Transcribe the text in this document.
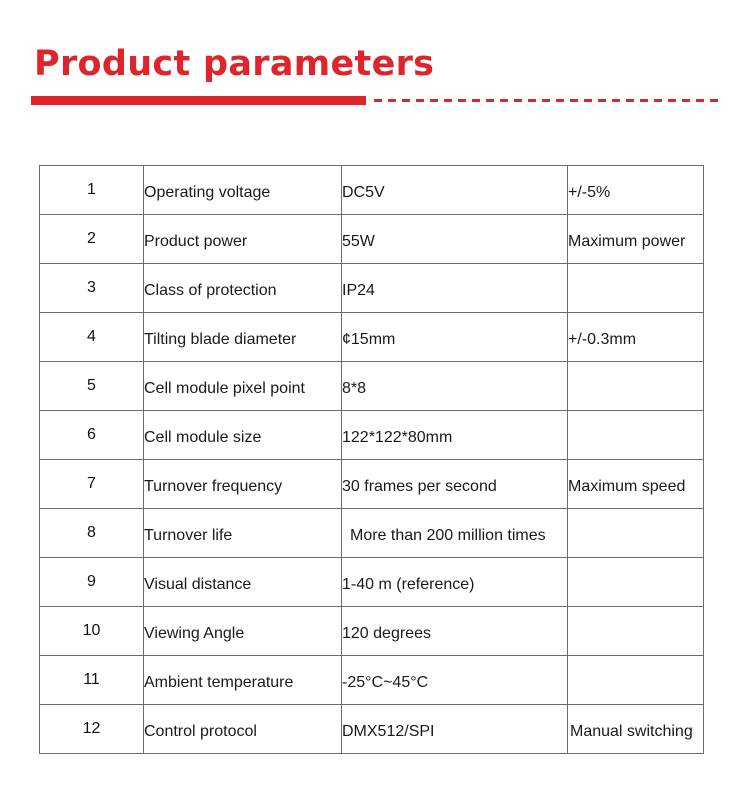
Product parameters
1	Operating voltage	DC5V	+/-5%
2	Product power	55W	Maximum power
3	Class of protection	IP24	
4	Tilting blade diameter	¢15mm	+/-0.3mm
5	Cell module pixel point	8*8	
6	Cell module size	122*122*80mm	
7	Turnover frequency	30 frames per second	Maximum speed
8	Turnover life	More than 200 million times	
9	Visual distance	1-40 m (reference)	
10	Viewing Angle	120 degrees	
11	Ambient temperature	-25°C~45°C	
12	Control protocol	DMX512/SPI	Manual switching
